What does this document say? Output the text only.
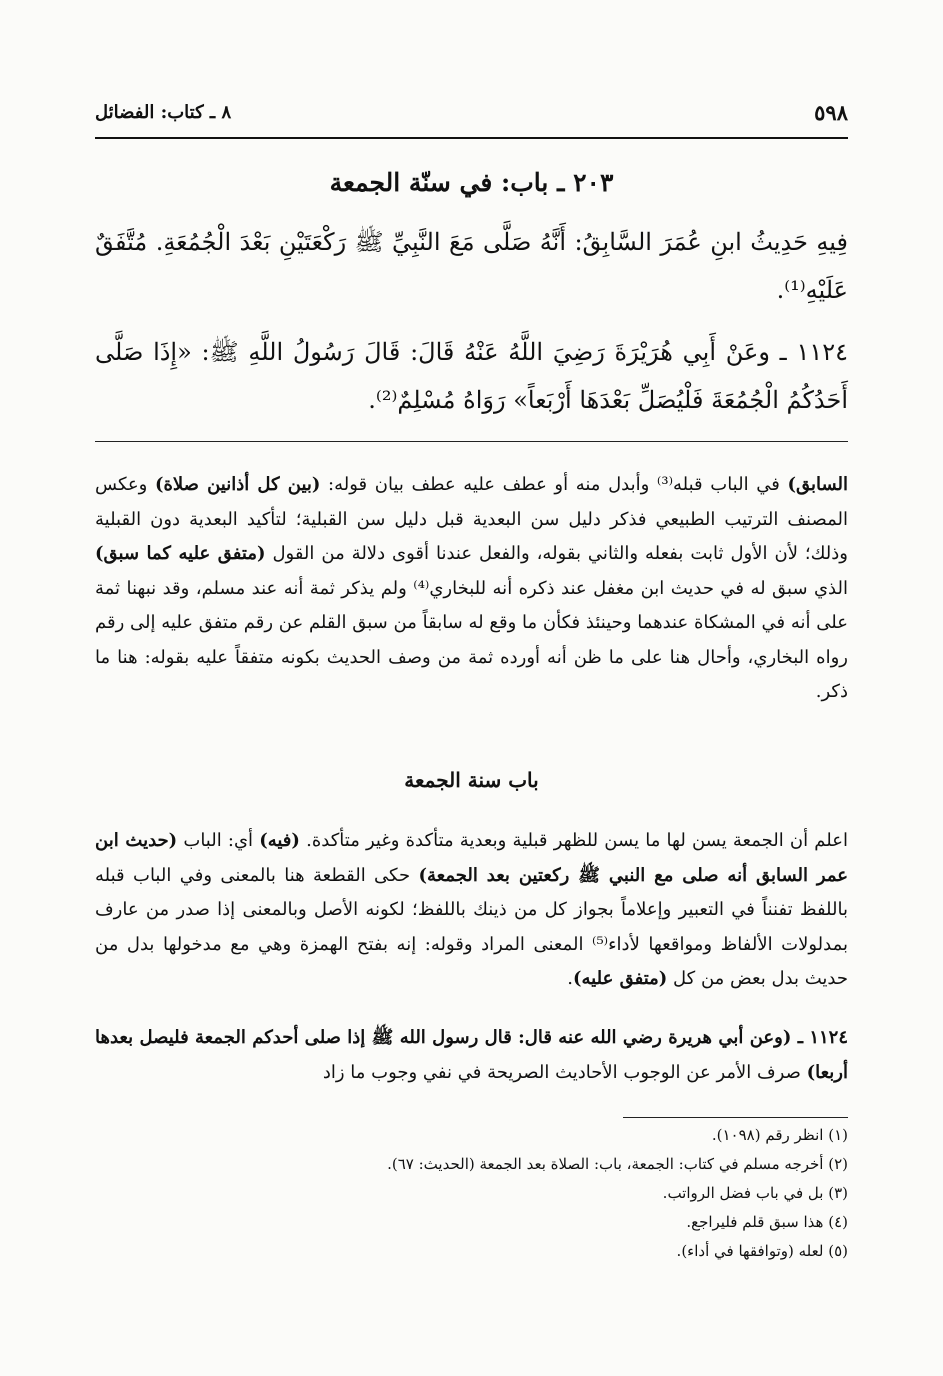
٥٩٨
٨ ـ كتاب: الفضائل
٢٠٣ ـ باب: في سنّة الجمعة

فِيهِ حَدِيثُ ابنِ عُمَرَ السَّابِقُ: أَنَّهُ صَلَّى مَعَ النَّبِيِّ ﷺ رَكْعَتَيْنِ بَعْدَ الْجُمُعَةِ. مُتَّفَقٌ عَلَيْهِ⁽¹⁾.

١١٢٤ ـ وعَنْ أَبِي هُرَيْرَةَ رَضِيَ اللَّهُ عَنْهُ قَالَ: قَالَ رَسُولُ اللَّهِ ﷺ: «إِذَا صَلَّى أَحَدُكُمُ الْجُمُعَةَ فَلْيُصَلِّ بَعْدَهَا أَرْبَعاً» رَوَاهُ مُسْلِمٌ⁽²⁾.

السابق) في الباب قبله⁽³⁾ وأبدل منه أو عطف عليه عطف بيان قوله: (بين كل أذانين صلاة) وعكس المصنف الترتيب الطبيعي فذكر دليل سن البعدية قبل دليل سن القبلية؛ لتأكيد البعدية دون القبلية وذلك؛ لأن الأول ثابت بفعله والثاني بقوله، والفعل عندنا أقوى دلالة من القول (متفق عليه كما سبق) الذي سبق له في حديث ابن مغفل عند ذكره أنه للبخاري⁽⁴⁾ ولم يذكر ثمة أنه عند مسلم، وقد نبهنا ثمة على أنه في المشكاة عندهما وحينئذ فكأن ما وقع له سابقاً من سبق القلم عن رقم متفق عليه إلى رقم رواه البخاري، وأحال هنا على ما ظن أنه أورده ثمة من وصف الحديث بكونه متفقاً عليه بقوله: هنا ما ذكر.

باب سنة الجمعة

اعلم أن الجمعة يسن لها ما يسن للظهر قبلية وبعدية متأكدة وغير متأكدة. (فيه) أي: الباب (حديث ابن عمر السابق أنه صلى مع النبي ﷺ ركعتين بعد الجمعة) حكى القطعة هنا بالمعنى وفي الباب قبله باللفظ تفنناً في التعبير وإعلاماً بجواز كل من ذينك باللفظ؛ لكونه الأصل وبالمعنى إذا صدر من عارف بمدلولات الألفاظ ومواقعها لأداء⁽⁵⁾ المعنى المراد وقوله: إنه بفتح الهمزة وهي مع مدخولها بدل من حديث بدل بعض من كل (متفق عليه).

١١٢٤ ـ (وعن أبي هريرة رضي الله عنه قال: قال رسول الله ﷺ إذا صلى أحدكم الجمعة فليصل بعدها أربعا) صرف الأمر عن الوجوب الأحاديث الصريحة في نفي وجوب ما زاد

(١) انظر رقم (١٠٩٨).
(٢) أخرجه مسلم في كتاب: الجمعة، باب: الصلاة بعد الجمعة (الحديث: ٦٧).
(٣) بل في باب فضل الرواتب.
(٤) هذا سبق قلم فليراجع.
(٥) لعله (وتوافقها في أداء).
